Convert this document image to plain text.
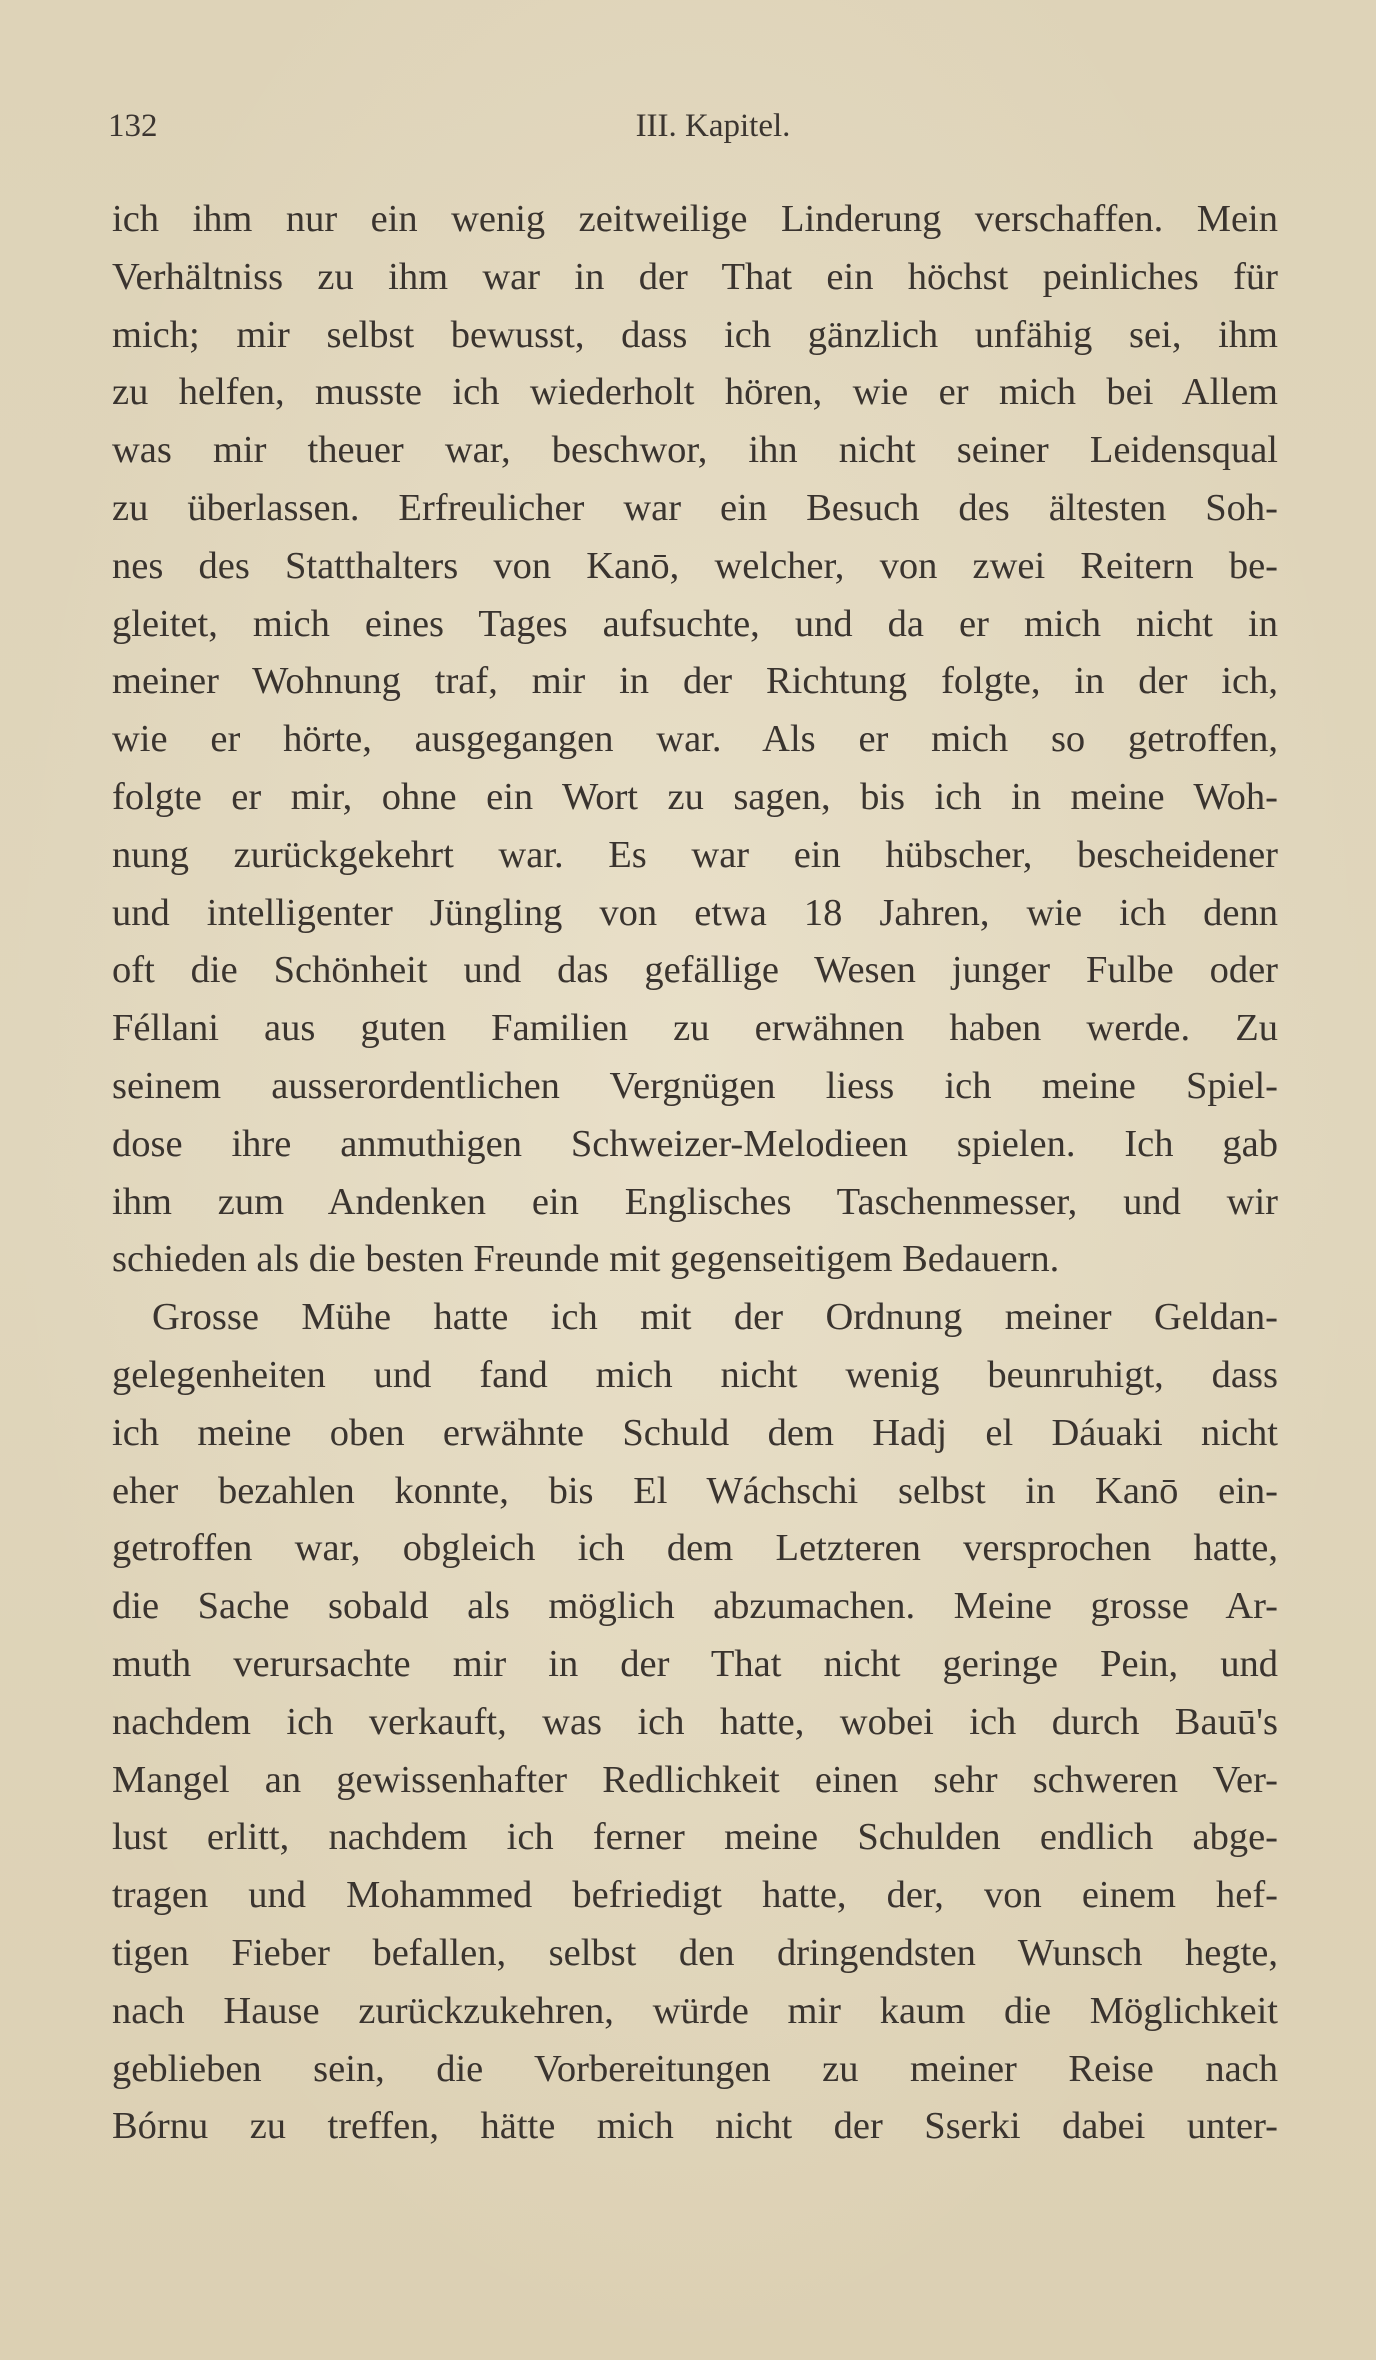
132	III. Kapitel.
ich ihm nur ein wenig zeitweilige Linderung verschaffen. Mein
Verhältniss zu ihm war in der That ein höchst peinliches für
mich; mir selbst bewusst, dass ich gänzlich unfähig sei, ihm
zu helfen, musste ich wiederholt hören, wie er mich bei Allem
was mir theuer war, beschwor, ihn nicht seiner Leidensqual
zu überlassen. Erfreulicher war ein Besuch des ältesten Soh-
nes des Statthalters von Kanō, welcher, von zwei Reitern be-
gleitet, mich eines Tages aufsuchte, und da er mich nicht in
meiner Wohnung traf, mir in der Richtung folgte, in der ich,
wie er hörte, ausgegangen war. Als er mich so getroffen,
folgte er mir, ohne ein Wort zu sagen, bis ich in meine Woh-
nung zurückgekehrt war. Es war ein hübscher, bescheidener
und intelligenter Jüngling von etwa 18 Jahren, wie ich denn
oft die Schönheit und das gefällige Wesen junger Fulbe oder
Féllani aus guten Familien zu erwähnen haben werde. Zu
seinem ausserordentlichen Vergnügen liess ich meine Spiel-
dose ihre anmuthigen Schweizer-Melodieen spielen. Ich gab
ihm zum Andenken ein Englisches Taschenmesser, und wir
schieden als die besten Freunde mit gegenseitigem Bedauern.
Grosse Mühe hatte ich mit der Ordnung meiner Geldan-
gelegenheiten und fand mich nicht wenig beunruhigt, dass
ich meine oben erwähnte Schuld dem Hadj el Dáuaki nicht
eher bezahlen konnte, bis El Wáchschi selbst in Kanō ein-
getroffen war, obgleich ich dem Letzteren versprochen hatte,
die Sache sobald als möglich abzumachen. Meine grosse Ar-
muth verursachte mir in der That nicht geringe Pein, und
nachdem ich verkauft, was ich hatte, wobei ich durch Bauū's
Mangel an gewissenhafter Redlichkeit einen sehr schweren Ver-
lust erlitt, nachdem ich ferner meine Schulden endlich abge-
tragen und Mohammed befriedigt hatte, der, von einem hef-
tigen Fieber befallen, selbst den dringendsten Wunsch hegte,
nach Hause zurückzukehren, würde mir kaum die Möglichkeit
geblieben sein, die Vorbereitungen zu meiner Reise nach
Bórnu zu treffen, hätte mich nicht der Sserki dabei unter-
